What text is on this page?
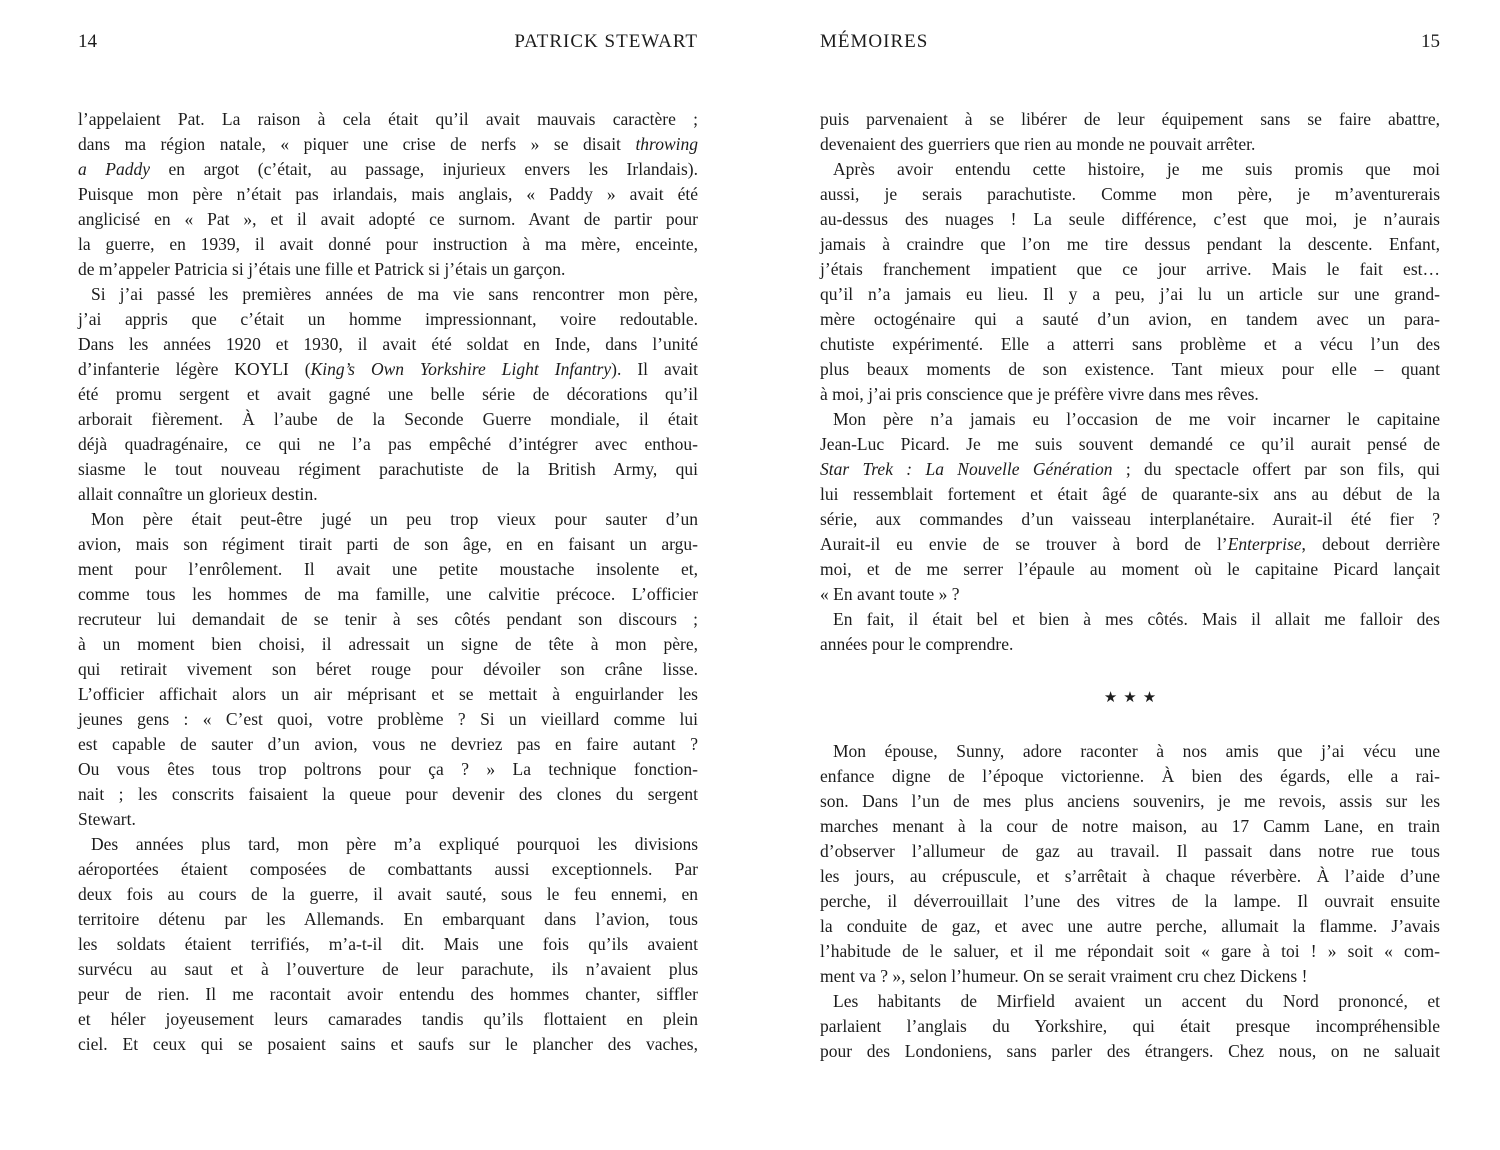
14	PATRICK STEWART
l’appelaient Pat. La raison à cela était qu’il avait mauvais caractère ;
dans ma région natale, « piquer une crise de nerfs » se disait throwing
a Paddy en argot (c’était, au passage, injurieux envers les Irlandais).
Puisque mon père n’était pas irlandais, mais anglais, « Paddy » avait été
anglicisé en « Pat », et il avait adopté ce surnom. Avant de partir pour
la guerre, en 1939, il avait donné pour instruction à ma mère, enceinte,
de m’appeler Patricia si j’étais une fille et Patrick si j’étais un garçon.
Si j’ai passé les premières années de ma vie sans rencontrer mon père,
j’ai appris que c’était un homme impressionnant, voire redoutable.
Dans les années 1920 et 1930, il avait été soldat en Inde, dans l’unité
d’infanterie légère KOYLI (King’s Own Yorkshire Light Infantry). Il avait
été promu sergent et avait gagné une belle série de décorations qu’il
arborait fièrement. À l’aube de la Seconde Guerre mondiale, il était
déjà quadragénaire, ce qui ne l’a pas empêché d’intégrer avec enthou-
siasme le tout nouveau régiment parachutiste de la British Army, qui
allait connaître un glorieux destin.
Mon père était peut-être jugé un peu trop vieux pour sauter d’un
avion, mais son régiment tirait parti de son âge, en en faisant un argu-
ment pour l’enrôlement. Il avait une petite moustache insolente et,
comme tous les hommes de ma famille, une calvitie précoce. L’officier
recruteur lui demandait de se tenir à ses côtés pendant son discours ;
à un moment bien choisi, il adressait un signe de tête à mon père,
qui retirait vivement son béret rouge pour dévoiler son crâne lisse.
L’officier affichait alors un air méprisant et se mettait à enguirlander les
jeunes gens : « C’est quoi, votre problème ? Si un vieillard comme lui
est capable de sauter d’un avion, vous ne devriez pas en faire autant ?
Ou vous êtes tous trop poltrons pour ça ? » La technique fonction-
nait ; les conscrits faisaient la queue pour devenir des clones du sergent
Stewart.
Des années plus tard, mon père m’a expliqué pourquoi les divisions
aéroportées étaient composées de combattants aussi exceptionnels. Par
deux fois au cours de la guerre, il avait sauté, sous le feu ennemi, en
territoire détenu par les Allemands. En embarquant dans l’avion, tous
les soldats étaient terrifiés, m’a-t-il dit. Mais une fois qu’ils avaient
survécu au saut et à l’ouverture de leur parachute, ils n’avaient plus
peur de rien. Il me racontait avoir entendu des hommes chanter, siffler
et héler joyeusement leurs camarades tandis qu’ils flottaient en plein
ciel. Et ceux qui se posaient sains et saufs sur le plancher des vaches,
MÉMOIRES	15
puis parvenaient à se libérer de leur équipement sans se faire abattre,
devenaient des guerriers que rien au monde ne pouvait arrêter.
Après avoir entendu cette histoire, je me suis promis que moi
aussi, je serais parachutiste. Comme mon père, je m’aventurerais
au-dessus des nuages ! La seule différence, c’est que moi, je n’aurais
jamais à craindre que l’on me tire dessus pendant la descente. Enfant,
j’étais franchement impatient que ce jour arrive. Mais le fait est…
qu’il n’a jamais eu lieu. Il y a peu, j’ai lu un article sur une grand-
mère octogénaire qui a sauté d’un avion, en tandem avec un para-
chutiste expérimenté. Elle a atterri sans problème et a vécu l’un des
plus beaux moments de son existence. Tant mieux pour elle – quant
à moi, j’ai pris conscience que je préfère vivre dans mes rêves.
Mon père n’a jamais eu l’occasion de me voir incarner le capitaine
Jean-Luc Picard. Je me suis souvent demandé ce qu’il aurait pensé de
Star Trek : La Nouvelle Génération ; du spectacle offert par son fils, qui
lui ressemblait fortement et était âgé de quarante-six ans au début de la
série, aux commandes d’un vaisseau interplanétaire. Aurait-il été fier ?
Aurait-il eu envie de se trouver à bord de l’Enterprise, debout derrière
moi, et de me serrer l’épaule au moment où le capitaine Picard lançait
« En avant toute » ?
En fait, il était bel et bien à mes côtés. Mais il allait me falloir des
années pour le comprendre.
★★★
Mon épouse, Sunny, adore raconter à nos amis que j’ai vécu une
enfance digne de l’époque victorienne. À bien des égards, elle a rai-
son. Dans l’un de mes plus anciens souvenirs, je me revois, assis sur les
marches menant à la cour de notre maison, au 17 Camm Lane, en train
d’observer l’allumeur de gaz au travail. Il passait dans notre rue tous
les jours, au crépuscule, et s’arrêtait à chaque réverbère. À l’aide d’une
perche, il déverrouillait l’une des vitres de la lampe. Il ouvrait ensuite
la conduite de gaz, et avec une autre perche, allumait la flamme. J’avais
l’habitude de le saluer, et il me répondait soit « gare à toi ! » soit « com-
ment va ? », selon l’humeur. On se serait vraiment cru chez Dickens !
Les habitants de Mirfield avaient un accent du Nord prononcé, et
parlaient l’anglais du Yorkshire, qui était presque incompréhensible
pour des Londoniens, sans parler des étrangers. Chez nous, on ne saluait
